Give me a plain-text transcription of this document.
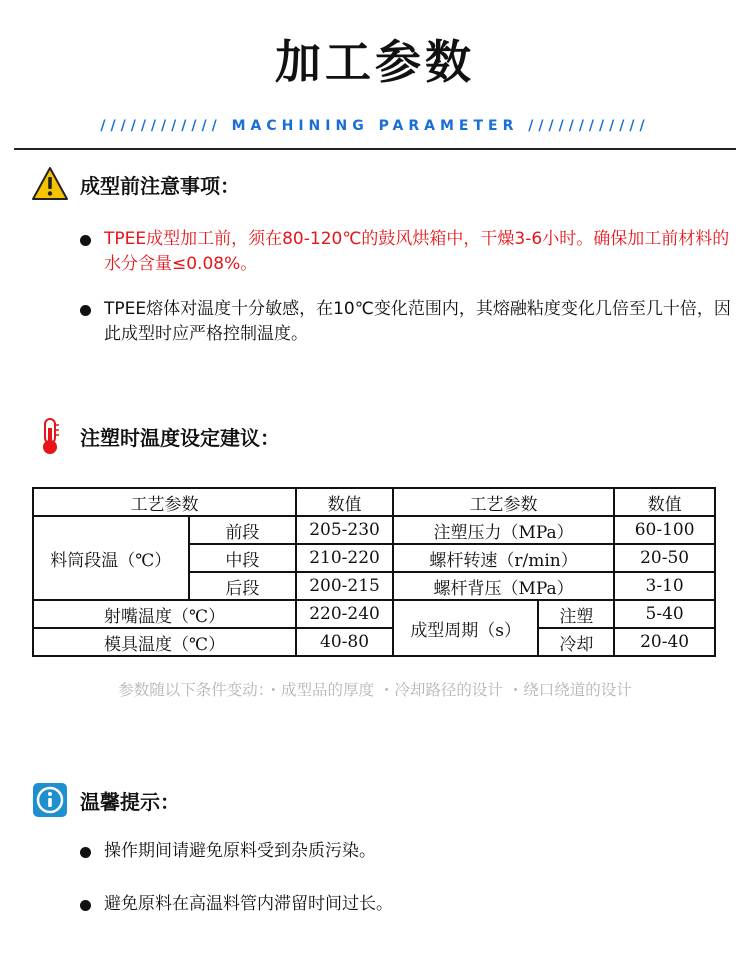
加工参数
//////////// MACHINING PARAMETER ////////////
成型前注意事项：
TPEE成型加工前，须在80-120℃的鼓风烘箱中，干燥3-6小时。确保加工前材料的水分含量≤0.08%。
TPEE熔体对温度十分敏感，在10℃变化范围内，其熔融粘度变化几倍至几十倍，因此成型时应严格控制温度。
注塑时温度设定建议：
工艺参数		数值	工艺参数		数值
料筒段温（℃）	前段	205-230	注塑压力（MPa）		60-100
	中段	210-220	螺杆转速（r/min）		20-50
	后段	200-215	螺杆背压（MPa）		3-10
射嘴温度（℃）		220-240	成型周期（s）	注塑	5-40
模具温度（℃）		40-80		冷却	20-40
参数随以下条件变动：・成型品的厚度 ・冷却路径的设计 ・绕口绕道的设计
温馨提示：
操作期间请避免原料受到杂质污染。
避免原料在高温料管内滞留时间过长。
